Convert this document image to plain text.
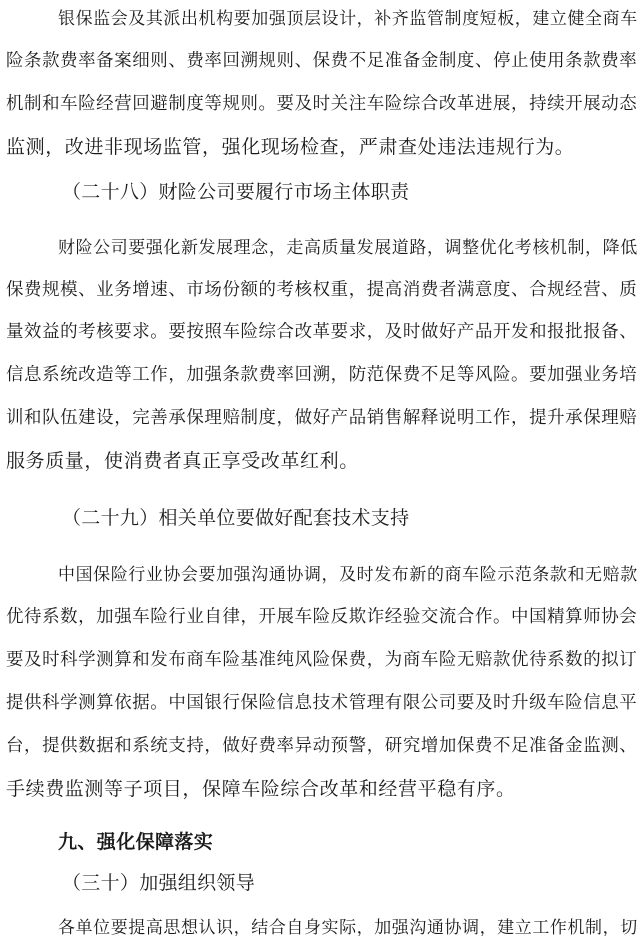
银保监会及其派出机构要加强顶层设计，补齐监管制度短板，建立健全商车
险条款费率备案细则、费率回溯规则、保费不足准备金制度、停止使用条款费率
机制和车险经营回避制度等规则。要及时关注车险综合改革进展，持续开展动态
监测，改进非现场监管，强化现场检查，严肃查处违法违规行为。
（二十八）财险公司要履行市场主体职责
财险公司要强化新发展理念，走高质量发展道路，调整优化考核机制，降低
保费规模、业务增速、市场份额的考核权重，提高消费者满意度、合规经营、质
量效益的考核要求。要按照车险综合改革要求，及时做好产品开发和报批报备、
信息系统改造等工作，加强条款费率回溯，防范保费不足等风险。要加强业务培
训和队伍建设，完善承保理赔制度，做好产品销售解释说明工作，提升承保理赔
服务质量，使消费者真正享受改革红利。
（二十九）相关单位要做好配套技术支持
中国保险行业协会要加强沟通协调，及时发布新的商车险示范条款和无赔款
优待系数，加强车险行业自律，开展车险反欺诈经验交流合作。中国精算师协会
要及时科学测算和发布商车险基准纯风险保费，为商车险无赔款优待系数的拟订
提供科学测算依据。中国银行保险信息技术管理有限公司要及时升级车险信息平
台，提供数据和系统支持，做好费率异动预警，研究增加保费不足准备金监测、
手续费监测等子项目，保障车险综合改革和经营平稳有序。
九、强化保障落实
（三十）加强组织领导
各单位要提高思想认识，结合自身实际，加强沟通协调，建立工作机制，切
